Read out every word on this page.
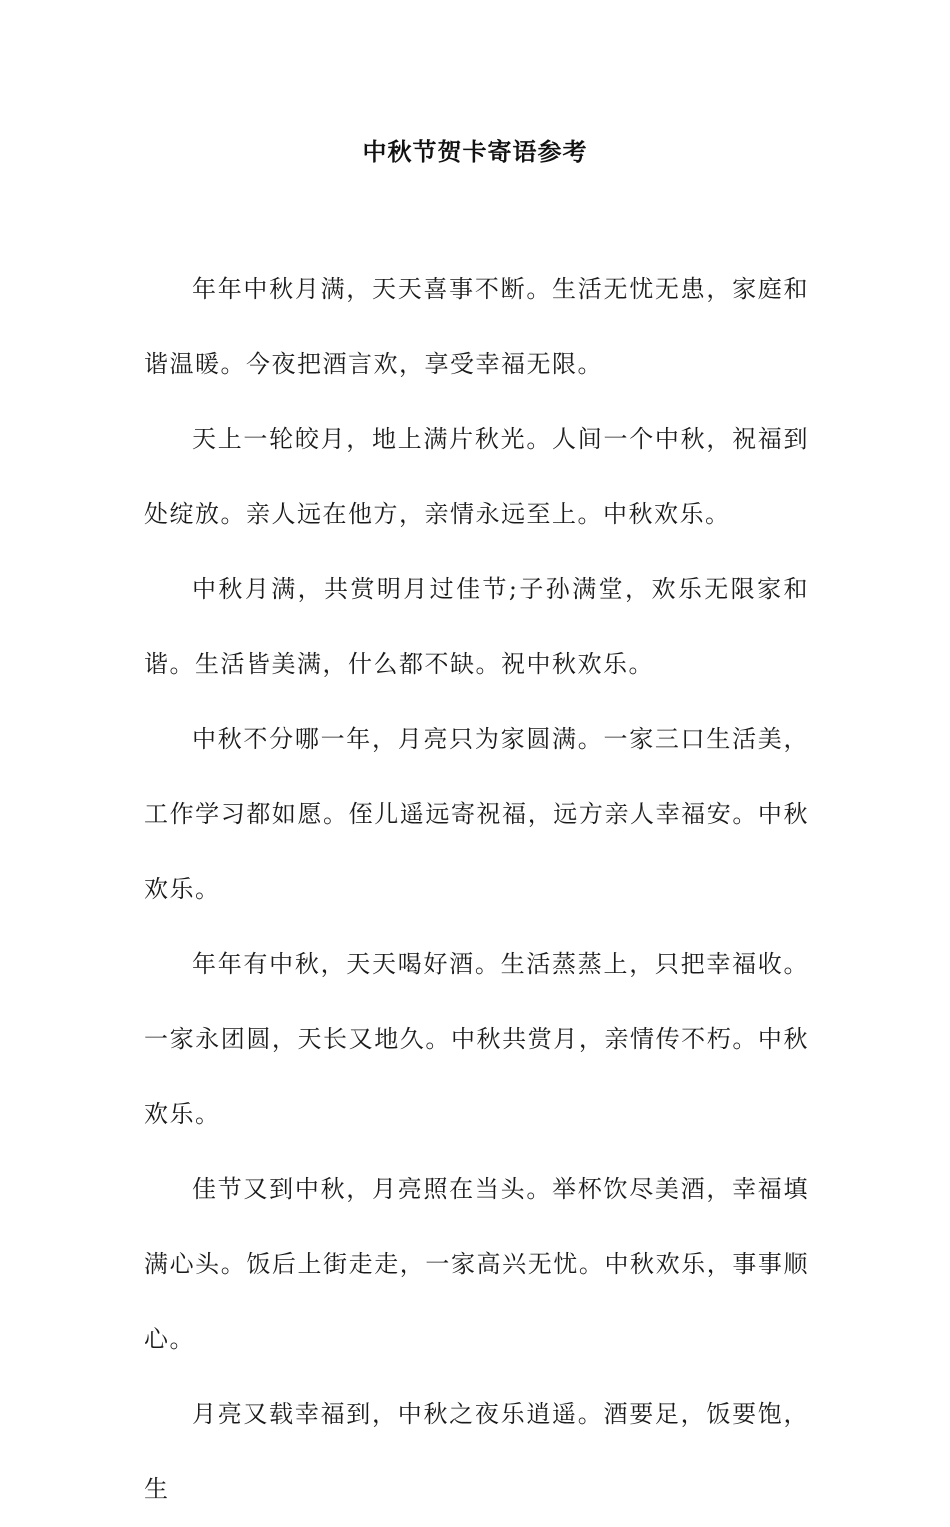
中秋节贺卡寄语参考

年年中秋月满，天天喜事不断。生活无忧无患，家庭和谐温暖。今夜把酒言欢，享受幸福无限。

天上一轮皎月，地上满片秋光。人间一个中秋，祝福到处绽放。亲人远在他方，亲情永远至上。中秋欢乐。

中秋月满，共赏明月过佳节;子孙满堂，欢乐无限家和谐。生活皆美满，什么都不缺。祝中秋欢乐。

中秋不分哪一年，月亮只为家圆满。一家三口生活美，工作学习都如愿。侄儿遥远寄祝福，远方亲人幸福安。中秋欢乐。

年年有中秋，天天喝好酒。生活蒸蒸上，只把幸福收。一家永团圆，天长又地久。中秋共赏月，亲情传不朽。中秋欢乐。

佳节又到中秋，月亮照在当头。举杯饮尽美酒，幸福填满心头。饭后上街走走，一家高兴无忧。中秋欢乐，事事顺心。

月亮又载幸福到，中秋之夜乐逍遥。酒要足，饭要饱，生
